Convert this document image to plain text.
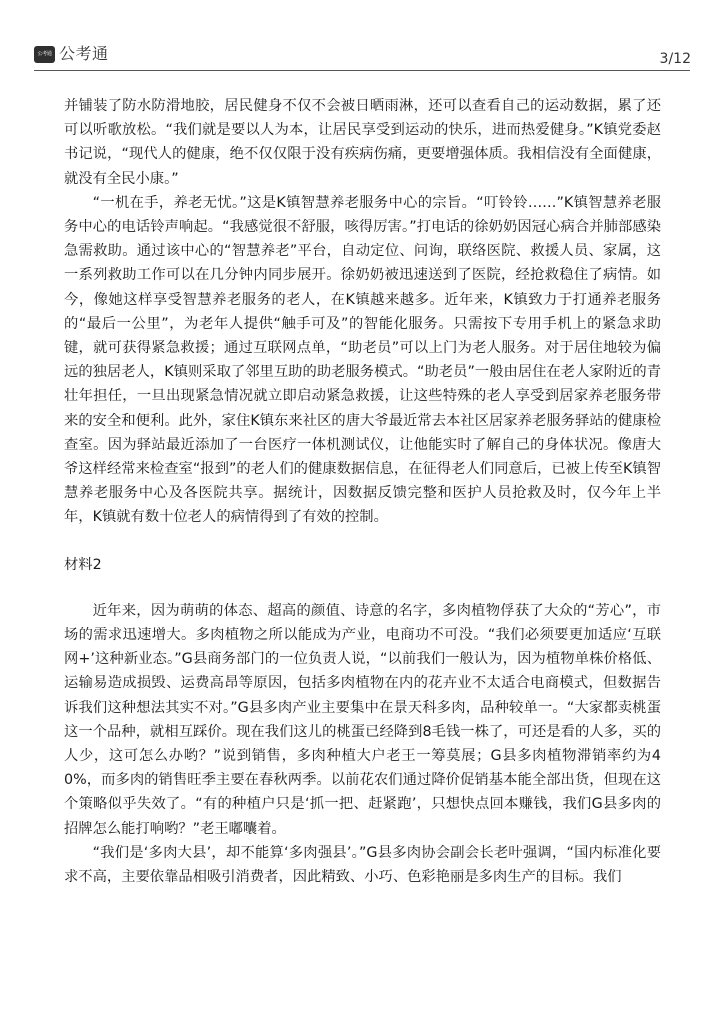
公考通 公考通	3/12

并铺装了防水防滑地胶，居民健身不仅不会被日晒雨淋，还可以查看自己的运动数据，累了还可以听歌放松。“我们就是要以人为本，让居民享受到运动的快乐，进而热爱健身。”K镇党委赵书记说，“现代人的健康，绝不仅仅限于没有疾病伤痛，更要增强体质。我相信没有全面健康，就没有全民小康。”

“一机在手，养老无忧。”这是K镇智慧养老服务中心的宗旨。“叮铃铃……”K镇智慧养老服务中心的电话铃声响起。“我感觉很不舒服，咳得厉害。”打电话的徐奶奶因冠心病合并肺部感染急需救助。通过该中心的“智慧养老”平台，自动定位、问询，联络医院、救援人员、家属，这一系列救助工作可以在几分钟内同步展开。徐奶奶被迅速送到了医院，经抢救稳住了病情。如今，像她这样享受智慧养老服务的老人，在K镇越来越多。近年来，K镇致力于打通养老服务的“最后一公里”，为老年人提供“触手可及”的智能化服务。只需按下专用手机上的紧急求助键，就可获得紧急救援；通过互联网点单，“助老员”可以上门为老人服务。对于居住地较为偏远的独居老人，K镇则采取了邻里互助的助老服务模式。“助老员”一般由居住在老人家附近的青壮年担任，一旦出现紧急情况就立即启动紧急救援，让这些特殊的老人享受到居家养老服务带来的安全和便利。此外，家住K镇东来社区的唐大爷最近常去本社区居家养老服务驿站的健康检查室。因为驿站最近添加了一台医疗一体机测试仪，让他能实时了解自己的身体状况。像唐大爷这样经常来检查室“报到”的老人们的健康数据信息，在征得老人们同意后，已被上传至K镇智慧养老服务中心及各医院共享。据统计，因数据反馈完整和医护人员抢救及时，仅今年上半年，K镇就有数十位老人的病情得到了有效的控制。

材料2

近年来，因为萌萌的体态、超高的颜值、诗意的名字，多肉植物俘获了大众的“芳心”，市场的需求迅速增大。多肉植物之所以能成为产业，电商功不可没。“我们必须要更加适应‘互联网+’这种新业态。”G县商务部门的一位负责人说，“以前我们一般认为，因为植物单株价格低、运输易造成损毁、运费高昂等原因，包括多肉植物在内的花卉业不太适合电商模式，但数据告诉我们这种想法其实不对。”G县多肉产业主要集中在景天科多肉，品种较单一。“大家都卖桃蛋这一个品种，就相互踩价。现在我们这儿的桃蛋已经降到8毛钱一株了，可还是看的人多，买的人少，这可怎么办哟？”说到销售，多肉种植大户老王一筹莫展；G县多肉植物滞销率约为40%，而多肉的销售旺季主要在春秋两季。以前花农们通过降价促销基本能全部出货，但现在这个策略似乎失效了。“有的种植户只是‘抓一把、赶紧跑’，只想快点回本赚钱，我们G县多肉的招牌怎么能打响哟？”老王嘟囔着。

“我们是‘多肉大县’，却不能算‘多肉强县’。”G县多肉协会副会长老叶强调，“国内标准化要求不高，主要依靠品相吸引消费者，因此精致、小巧、色彩艳丽是多肉生产的目标。我们
